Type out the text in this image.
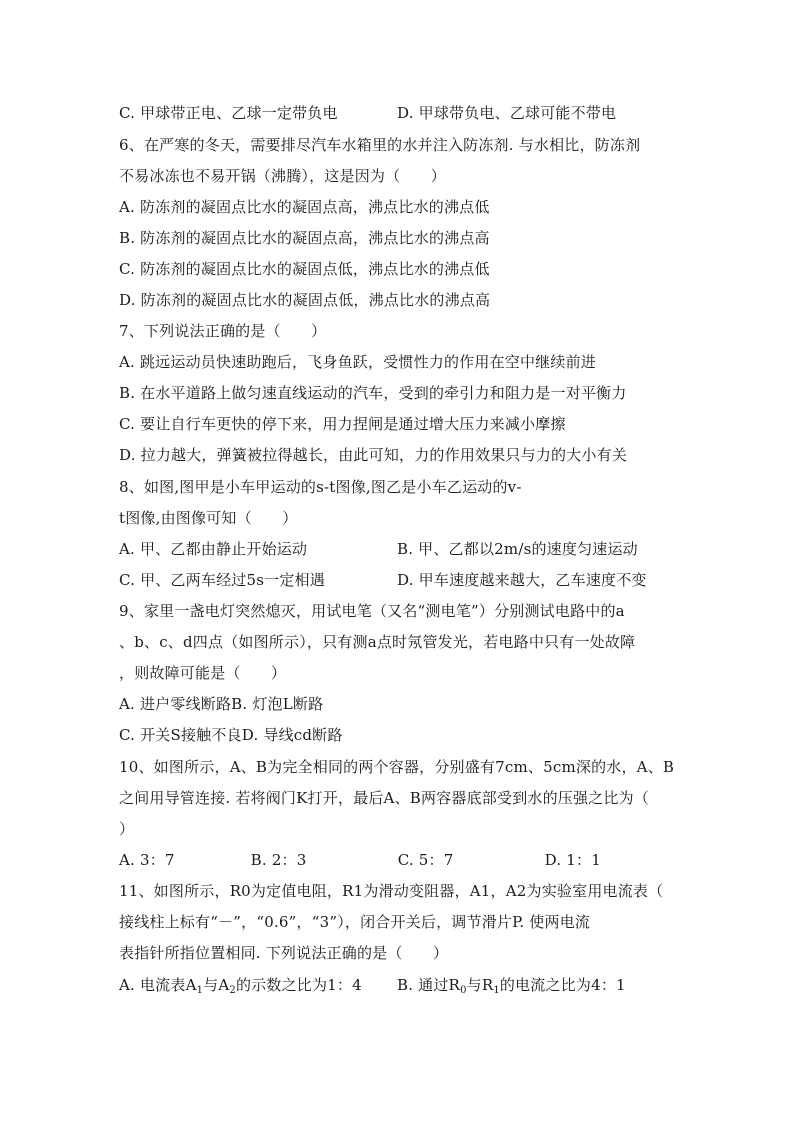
C. 甲球带正电、乙球一定带负电	D. 甲球带负电、乙球可能不带电
6、在严寒的冬天，需要排尽汽车水箱里的水并注入防冻剂. 与水相比，防冻剂
不易冰冻也不易开锅（沸腾），这是因为（　　）
A. 防冻剂的凝固点比水的凝固点高，沸点比水的沸点低
B. 防冻剂的凝固点比水的凝固点高，沸点比水的沸点高
C. 防冻剂的凝固点比水的凝固点低，沸点比水的沸点低
D. 防冻剂的凝固点比水的凝固点低，沸点比水的沸点高
7、下列说法正确的是（　　）
A. 跳远运动员快速助跑后，飞身鱼跃，受惯性力的作用在空中继续前进
B. 在水平道路上做匀速直线运动的汽车，受到的牵引力和阻力是一对平衡力
C. 要让自行车更快的停下来，用力捏闸是通过增大压力来减小摩擦
D. 拉力越大，弹簧被拉得越长，由此可知，力的作用效果只与力的大小有关
8、如图,图甲是小车甲运动的s-t图像,图乙是小车乙运动的v-
t图像,由图像可知（　　）
A. 甲、乙都由静止开始运动	B. 甲、乙都以2m/s的速度匀速运动
C. 甲、乙两车经过5s一定相遇	D. 甲车速度越来越大，乙车速度不变
9、家里一盏电灯突然熄灭，用试电笔（又名“测电笔”）分别测试电路中的a
、b、c、d四点（如图所示），只有测a点时氖管发光，若电路中只有一处故障
，则故障可能是（　　）
A. 进户零线断路B. 灯泡L断路
C. 开关S接触不良D. 导线cd断路
10、如图所示，A、B为完全相同的两个容器，分别盛有7cm、5cm深的水，A、B
之间用导管连接. 若将阀门K打开，最后A、B两容器底部受到水的压强之比为（
）
A. 3：7　　　　　B. 2：3　　　　　　C. 5：7　　　　　　D. 1：1
11、如图所示，R0为定值电阻，R1为滑动变阻器，A1，A2为实验室用电流表（
接线柱上标有“－”，“0.6”，“3”），闭合开关后，调节滑片P. 使两电流
表指针所指位置相同. 下列说法正确的是（　　）
A. 电流表$A_1$与$A_2$的示数之比为1：4 B. 通过$R_0$与$R_1$的电流之比为4：1
